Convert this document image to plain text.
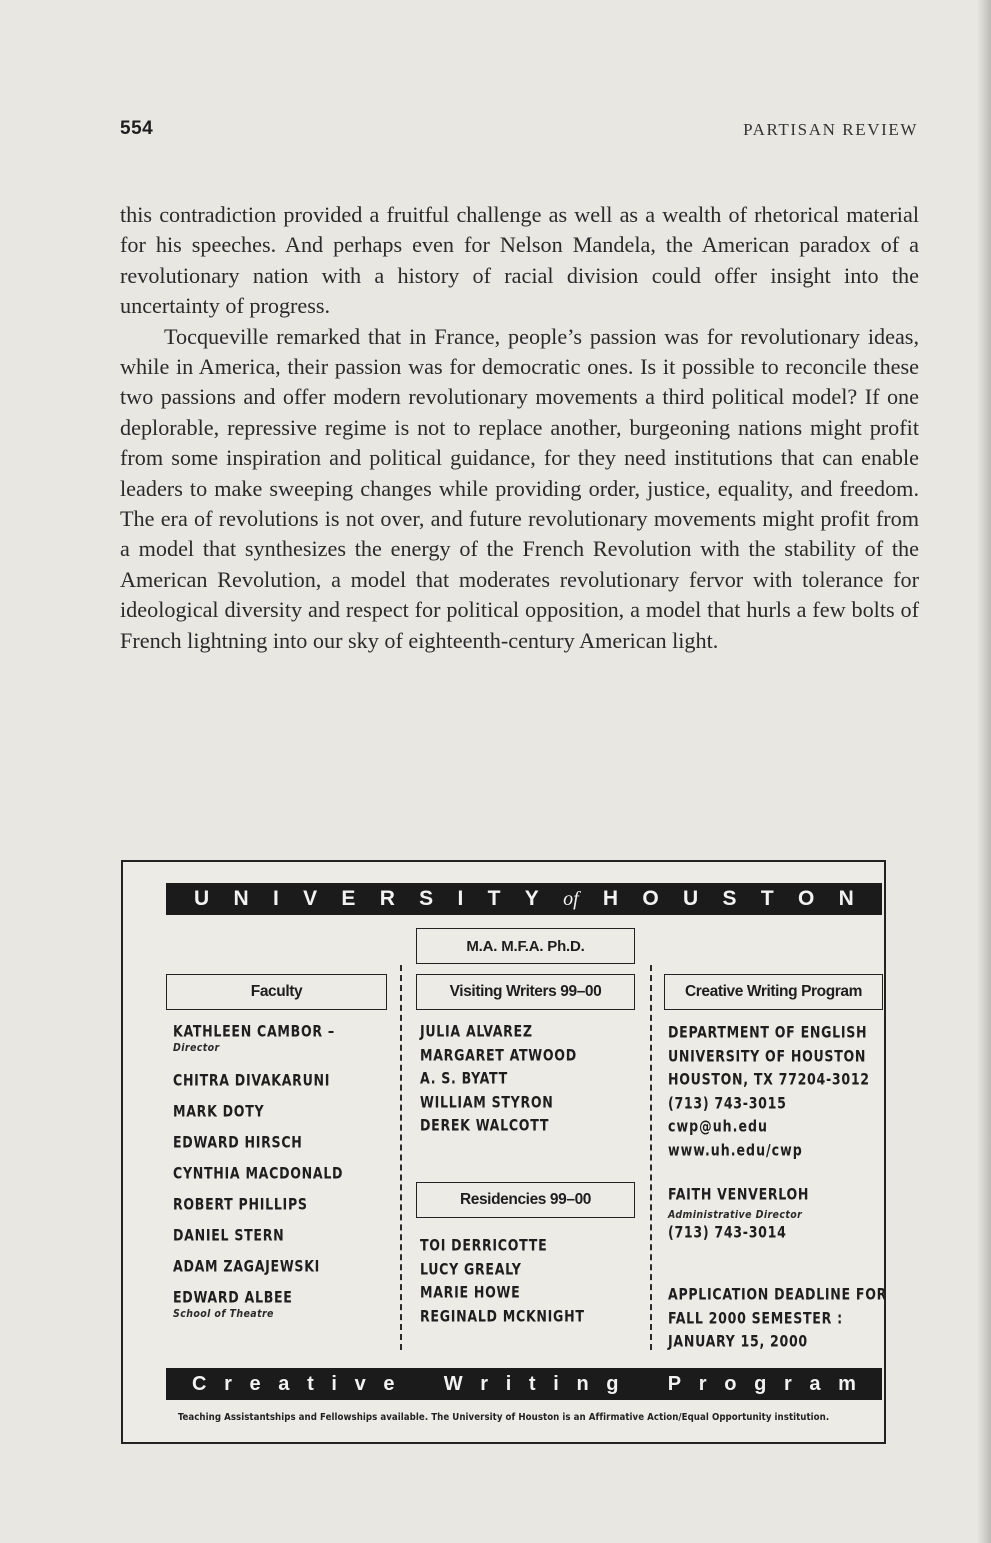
554	PARTISAN REVIEW

this contradiction provided a fruitful challenge as well as a wealth of rhetorical material for his speeches. And perhaps even for Nelson Mandela, the American paradox of a revolutionary nation with a history of racial division could offer insight into the uncertainty of progress.

Tocqueville remarked that in France, people’s passion was for revolutionary ideas, while in America, their passion was for democratic ones. Is it possible to reconcile these two passions and offer modern revolutionary movements a third political model? If one deplorable, repressive regime is not to replace another, burgeoning nations might profit from some inspiration and political guidance, for they need institutions that can enable leaders to make sweeping changes while providing order, justice, equality, and freedom. The era of revolutions is not over, and future revolutionary movements might profit from a model that synthesizes the energy of the French Revolution with the stability of the American Revolution, a model that moderates revolutionary fervor with tolerance for ideological diversity and respect for political opposition, a model that hurls a few bolts of French lightning into our sky of eighteenth-century American light.

U N I V E R S I T Y of H O U S T O N
M.A. M.F.A. Ph.D.
Faculty	Visiting Writers 99–00	Creative Writing Program
KATHLEEN CAMBOR –
Director
CHITRA DIVAKARUNI
MARK DOTY
EDWARD HIRSCH
CYNTHIA MACDONALD
ROBERT PHILLIPS
DANIEL STERN
ADAM ZAGAJEWSKI
EDWARD ALBEE
School of Theatre
JULIA ALVAREZ
MARGARET ATWOOD
A. S. BYATT
WILLIAM STYRON
DEREK WALCOTT
Residencies 99–00
TOI DERRICOTTE
LUCY GREALY
MARIE HOWE
REGINALD MCKNIGHT
DEPARTMENT OF ENGLISH
UNIVERSITY OF HOUSTON
HOUSTON, TX 77204-3012
(713) 743-3015
cwp@uh.edu
www.uh.edu/cwp
FAITH VENVERLOH
Administrative Director
(713) 743-3014
APPLICATION DEADLINE FOR
FALL 2000 SEMESTER :
JANUARY 15, 2000
C r e a t i v e W r i t i n g P r o g r a m
Teaching Assistantships and Fellowships available. The University of Houston is an Affirmative Action/Equal Opportunity institution.
